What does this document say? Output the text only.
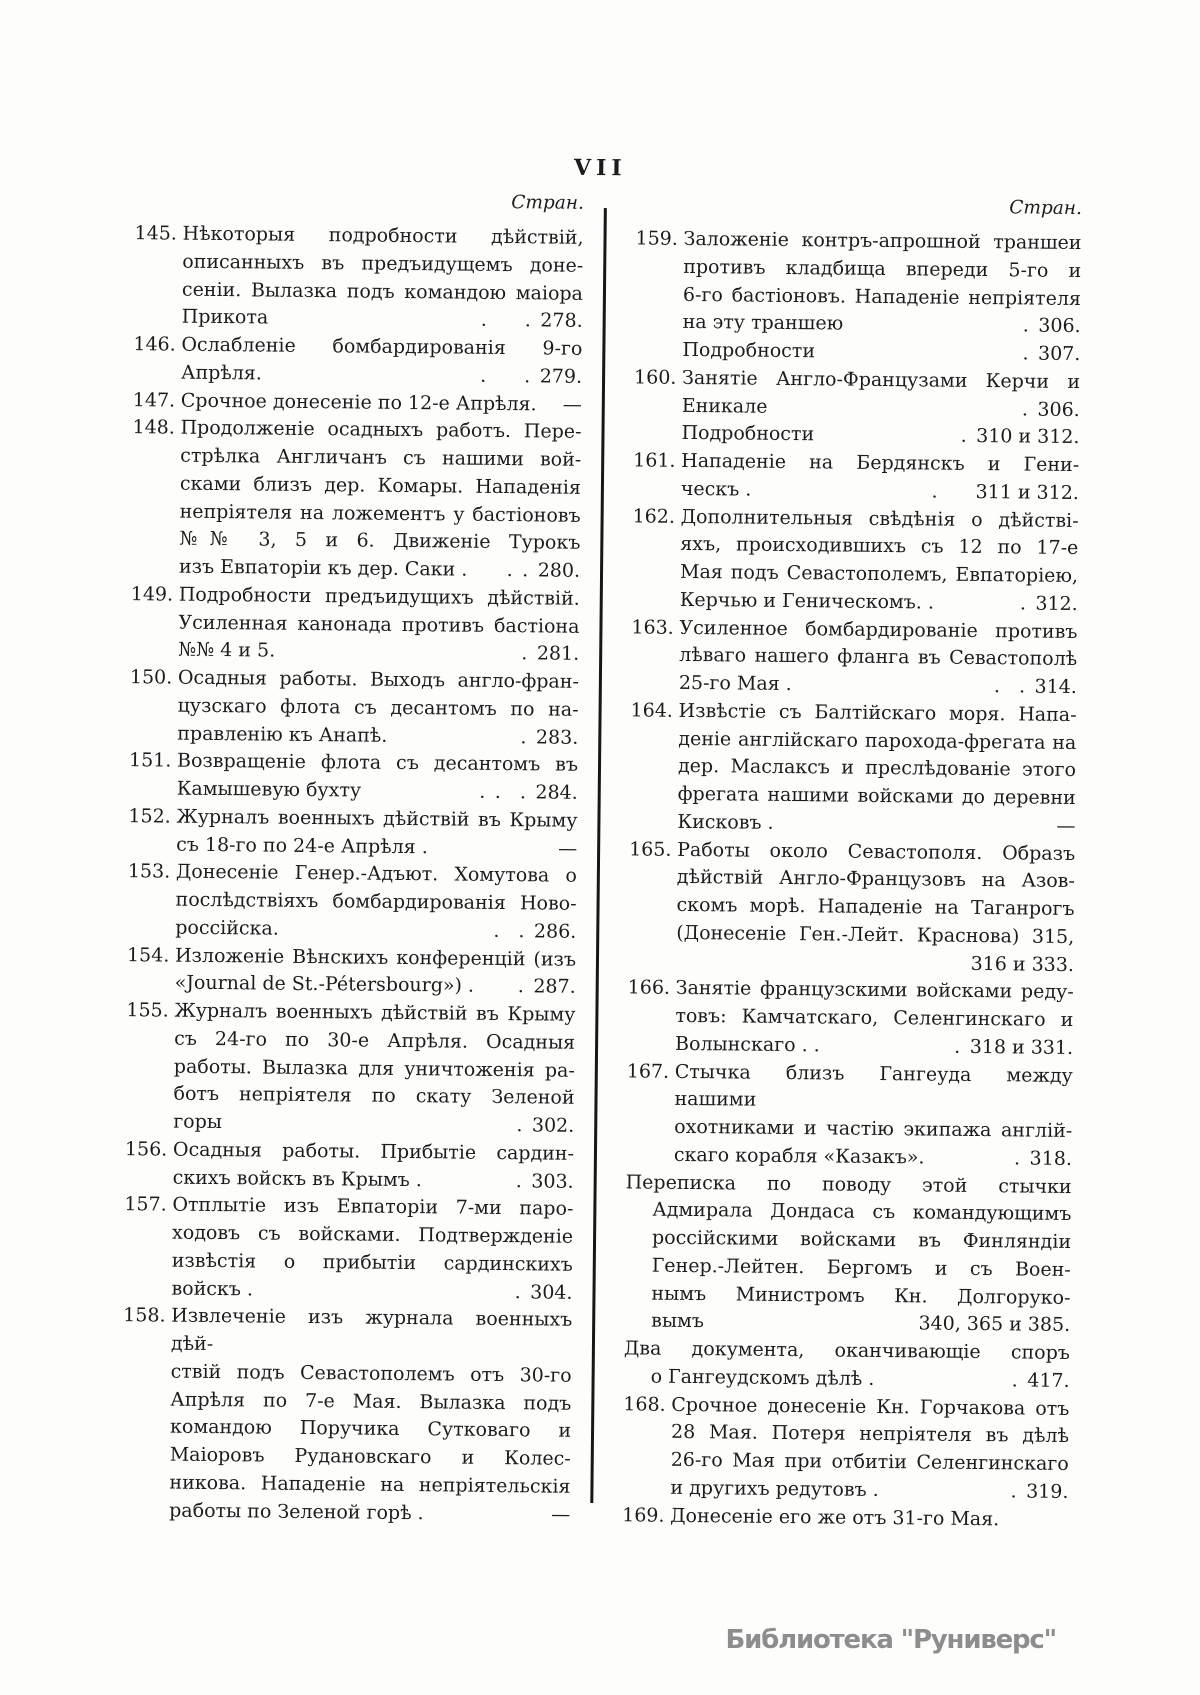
VII
Стран.
145. Нѣкоторыя подробности дѣйствій,
описанныхъ въ предъидущемъ доне-
сеніи. Вылазка подъ командою маіора
Прикота	.  . 278.
146. Ослабленіе бомбардированія 9-го
Апрѣля.	.  . 279.
147. Срочное донесеніе по 12-е Апрѣля.	—
148. Продолженіе осадныхъ работъ. Пере-
стрѣлка Англичанъ съ нашими вой-
сками близъ дер. Комары. Нападенія
непріятеля на ложементъ у бастіоновъ
№№ 3, 5 и 6. Движеніе Турокъ
изъ Евпаторіи къ дер. Саки .	. . 280.
149. Подробности предъидущихъ дѣйствій.
Усиленная канонада противъ бастіона
№№ 4 и 5.	. 281.
150. Осадныя работы. Выходъ англо-фран-
цузскаго флота съ десантомъ по на-
правленію къ Анапѣ.	. 283.
151. Возвращеніе флота съ десантомъ въ
Камышевую бухту	. . . 284.
152. Журналъ военныхъ дѣйствій въ Крыму
съ 18-го по 24-е Апрѣля .	—
153. Донесеніе Генер.-Адъют. Хомутова о
послѣдствіяхъ бомбардированія Ново-
россійска.	. . 286.
154. Изложеніе Вѣнскихъ конференцій (изъ
«Journal de St.-Pétersbourg») .	. 287.
155. Журналъ военныхъ дѣйствій въ Крыму
съ 24-го по 30-е Апрѣля. Осадныя
работы. Вылазка для уничтоженія ра-
ботъ непріятеля по скату Зеленой
горы	. 302.
156. Осадныя работы. Прибытіе сардин-
скихъ войскъ въ Крымъ .	. 303.
157. Отплытіе изъ Евпаторіи 7-ми паро-
ходовъ съ войсками. Подтвержденіе
извѣстія о прибытіи сардинскихъ
войскъ .	. 304.
158. Извлеченіе изъ журнала военныхъ дѣй-
ствій подъ Севастополемъ отъ 30-го
Апрѣля по 7-е Мая. Вылазка подъ
командою Поручика Сутковаго и
Маіоровъ Рудановскаго и Колес-
никова. Нападеніе на непріятельскія
работы по Зеленой горѣ .	—
Стран.
159. Заложеніе контръ-апрошной траншеи
противъ кладбища впереди 5-го и
6-го бастіоновъ. Нападеніе непріятеля
на эту траншею	. 306.
Подробности	. 307.
160. Занятіе Англо-Французами Керчи и
Еникале	. 306.
Подробности	. 310 и 312.
161. Нападеніе на Бердянскъ и Гени-
ческъ .	.  311 и 312.
162. Дополнительныя свѣдѣнія о дѣйстві-
яхъ, происходившихъ съ 12 по 17-е
Мая подъ Севастополемъ, Евпаторіею,
Керчью и Геническомъ. .	. 312.
163. Усиленное бомбардированіе противъ
лѣваго нашего фланга въ Севастополѣ
25-го Мая .	. . 314.
164. Извѣстіе съ Балтійскаго моря. Напа-
деніе англійскаго парохода-фрегата на
дер. Маслаксъ и преслѣдованіе этого
фрегата нашими войсками до деревни
Кисковъ .	—
165. Работы около Севастополя. Образъ
дѣйствій Англо-Французовъ на Азов-
скомъ морѣ. Нападеніе на Таганрогъ
(Донесеніе Ген.-Лейт. Краснова) 315,
316 и 333.
166. Занятіе французскими войсками реду-
товъ: Камчатскаго, Селенгинскаго и
Волынскаго . .	. 318 и 331.
167. Стычка близъ Гангеуда между нашими
охотниками и частію экипажа англій-
скаго корабля «Казакъ».	. 318.
Переписка по поводу этой стычки
Адмирала Дондаса съ командующимъ
россійскими войсками въ Финляндіи
Генер.-Лейтен. Бергомъ и съ Воен-
нымъ Министромъ Кн. Долгоруко-
вымъ	340, 365 и 385.
Два документа, оканчивающіе споръ
о Гангеудскомъ дѣлѣ .	. 417.
168. Срочное донесеніе Кн. Горчакова отъ
28 Мая. Потеря непріятеля въ дѣлѣ
26-го Мая при отбитіи Селенгинскаго
и другихъ редутовъ .	. 319.
169. Донесеніе его же отъ 31-го Мая.
Библиотека "Руниверс"
